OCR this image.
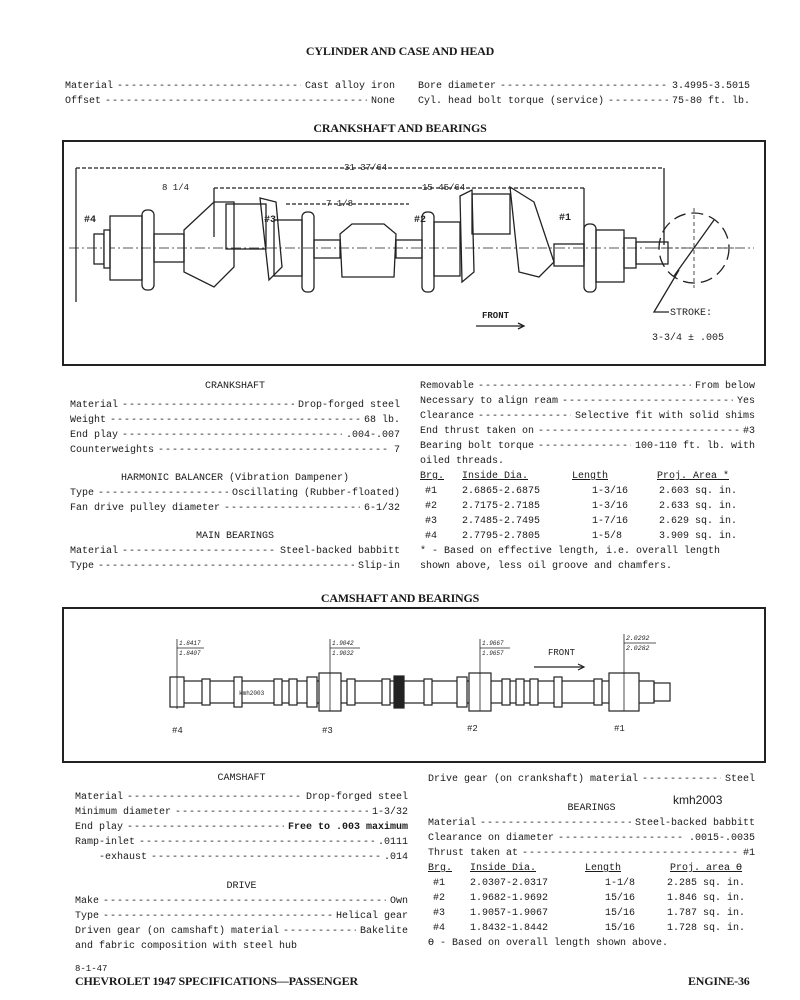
CYLINDER AND CASE AND HEAD
Material -----	Cast alloy iron
Offset -----	None
Bore diameter -----	3.4995-3.5015
Cyl. head bolt torque (service) -----	75-80 ft. lb.
CRANKSHAFT AND BEARINGS
31 37/64
8 1/4	15 45/64
7 1/8
STROKE:
3-3/4 ± .005
#4	#3	#2	#1
FRONT
CRANKSHAFT
Material -----	Drop-forged steel
Weight -----	68 lb.
End play -----	.004-.007
Counterweights -----	7
HARMONIC BALANCER (Vibration Dampener)
Type -----	Oscillating (Rubber-floated)
Fan drive pulley diameter -----	6-1/32
MAIN BEARINGS
Material -----	Steel-backed babbitt
Type -----	Slip-in
Removable -----	From below
Necessary to align ream -----	Yes
Clearance -----	Selective fit with solid shims
End thrust taken on -----	#3
Bearing bolt torque -----	100-110 ft. lb. with
oiled threads.
Brg.	Inside Dia.	Length	Proj. Area *
#1	2.6865-2.6875	1-3/16	2.603 sq. in.
#2	2.7175-2.7185	1-3/16	2.633 sq. in.
#3	2.7485-2.7495	1-7/16	2.629 sq. in.
#4	2.7795-2.7805	1-5/8	3.909 sq. in.
* - Based on effective length, i.e. overall length
shown above, less oil groove and chamfers.
CAMSHAFT AND BEARINGS
kmh2003
1.8417
1.8407
1.9042
1.9032
1.9667
1.9657
2.0292
2.0282
FRONT
#4	#3	#2	#1
CAMSHAFT
Material -----	Drop-forged steel
Minimum diameter -----	1-3/32
End play -----	Free to .003 maximum
Ramp-inlet -----	.0111
-exhaust -----	.014
DRIVE
Make -----	Own
Type -----	Helical gear
Driven gear (on camshaft) material -----	Bakelite
and fabric composition with steel hub
8-1-47
CHEVROLET 1947 SPECIFICATIONS—PASSENGER
Drive gear (on crankshaft) material -----	Steel
BEARINGS
Material -----	Steel-backed babbitt
Clearance on diameter -----	.0015-.0035
Thrust taken at -----	#1
Brg.	Inside Dia.	Length	Proj. area ϴ
#1	2.0307-2.0317	1-1/8	2.285 sq. in.
#2	1.9682-1.9692	15/16	1.846 sq. in.
#3	1.9057-1.9067	15/16	1.787 sq. in.
#4	1.8432-1.8442	15/16	1.728 sq. in.
ϴ - Based on overall length shown above.
kmh2003
ENGINE-36
